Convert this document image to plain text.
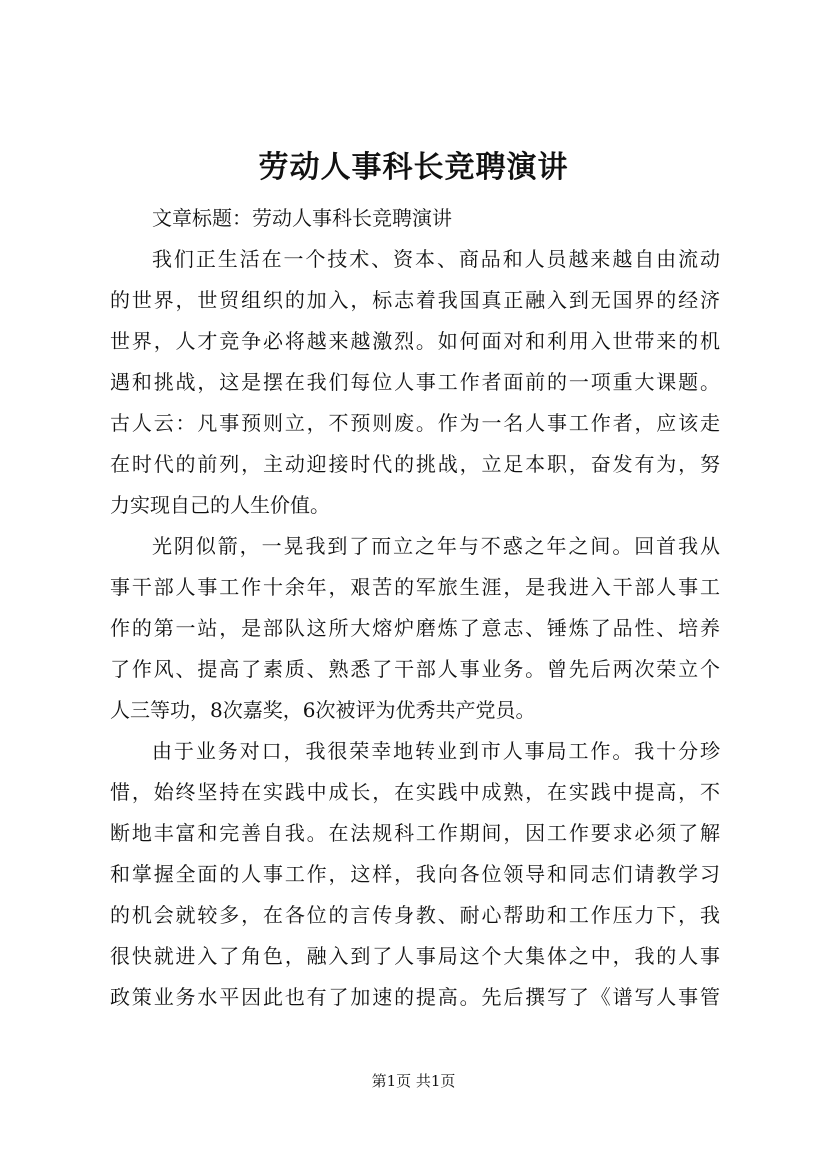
劳动人事科长竞聘演讲
文章标题：劳动人事科长竞聘演讲
我们正生活在一个技术、资本、商品和人员越来越自由流动
的世界，世贸组织的加入，标志着我国真正融入到无国界的经济
世界，人才竞争必将越来越激烈。如何面对和利用入世带来的机
遇和挑战，这是摆在我们每位人事工作者面前的一项重大课题。
古人云：凡事预则立，不预则废。作为一名人事工作者，应该走
在时代的前列，主动迎接时代的挑战，立足本职，奋发有为，努
力实现自己的人生价值。
光阴似箭，一晃我到了而立之年与不惑之年之间。回首我从
事干部人事工作十余年，艰苦的军旅生涯，是我进入干部人事工
作的第一站，是部队这所大熔炉磨炼了意志、锤炼了品性、培养
了作风、提高了素质、熟悉了干部人事业务。曾先后两次荣立个
人三等功，8次嘉奖，6次被评为优秀共产党员。
由于业务对口，我很荣幸地转业到市人事局工作。我十分珍
惜，始终坚持在实践中成长，在实践中成熟，在实践中提高，不
断地丰富和完善自我。在法规科工作期间，因工作要求必须了解
和掌握全面的人事工作，这样，我向各位领导和同志们请教学习
的机会就较多，在各位的言传身教、耐心帮助和工作压力下，我
很快就进入了角色，融入到了人事局这个大集体之中，我的人事
政策业务水平因此也有了加速的提高。先后撰写了《谱写人事管
第1页 共1页
